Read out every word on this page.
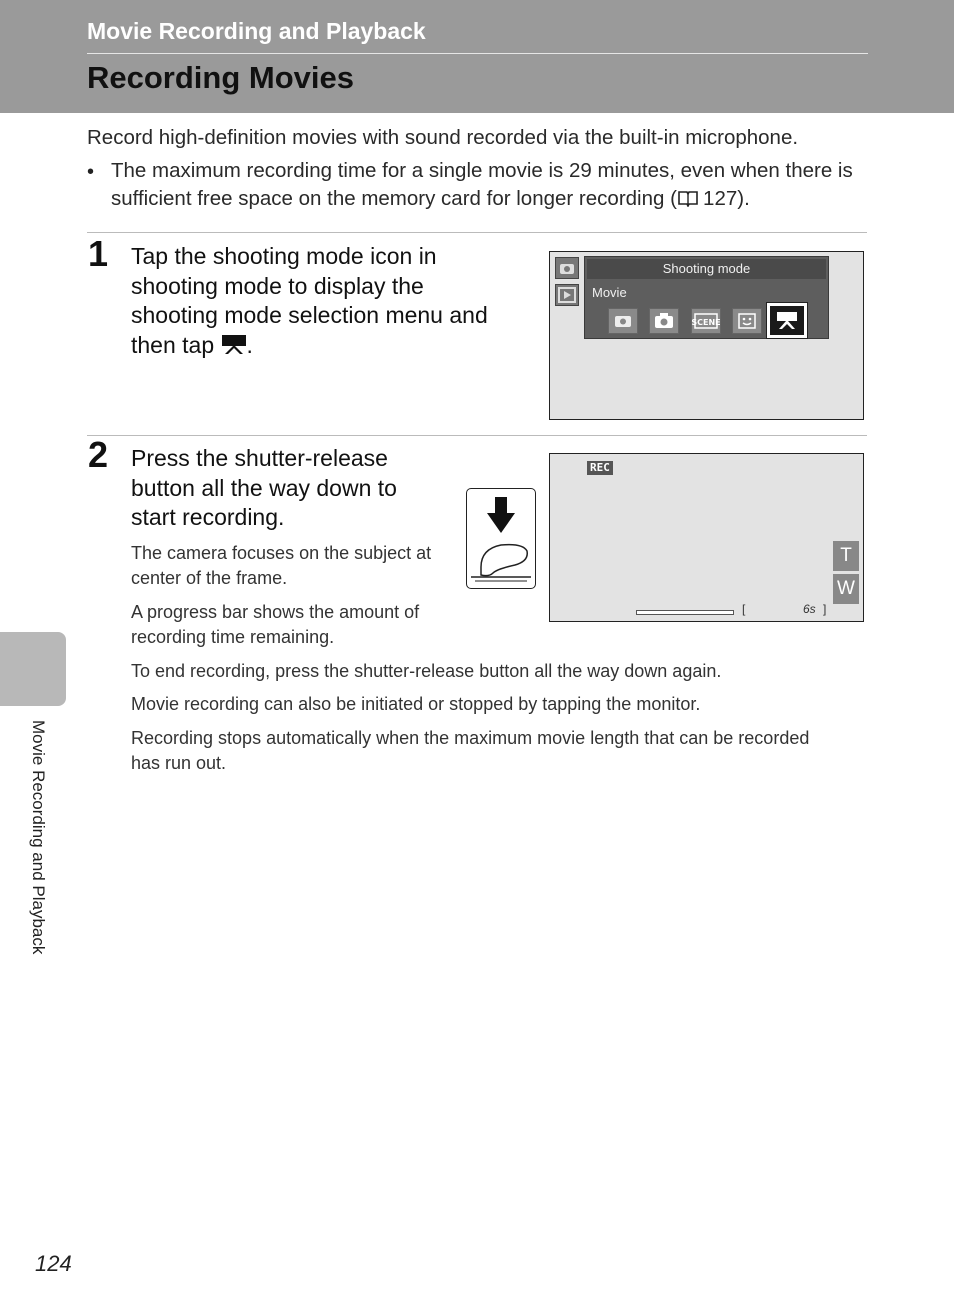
Movie Recording and Playback
Recording Movies
Record high-definition movies with sound recorded via the built-in microphone.
• The maximum recording time for a single movie is 29 minutes, even when there is sufficient free space on the memory card for longer recording ( 127).
1 Tap the shooting mode icon in
shooting mode to display the
shooting mode selection menu and
then tap .
Shooting mode
Movie
SCENE
2 Press the shutter-release
button all the way down to
start recording.
The camera focuses on the subject at
center of the frame.
A progress bar shows the amount of
recording time remaining.
To end recording, press the shutter-release button all the way down again.
Movie recording can also be initiated or stopped by tapping the monitor.
Recording stops automatically when the maximum movie length that can be recorded
has run out.
REC
T
W
[	6s ]
Movie Recording and Playback
124
